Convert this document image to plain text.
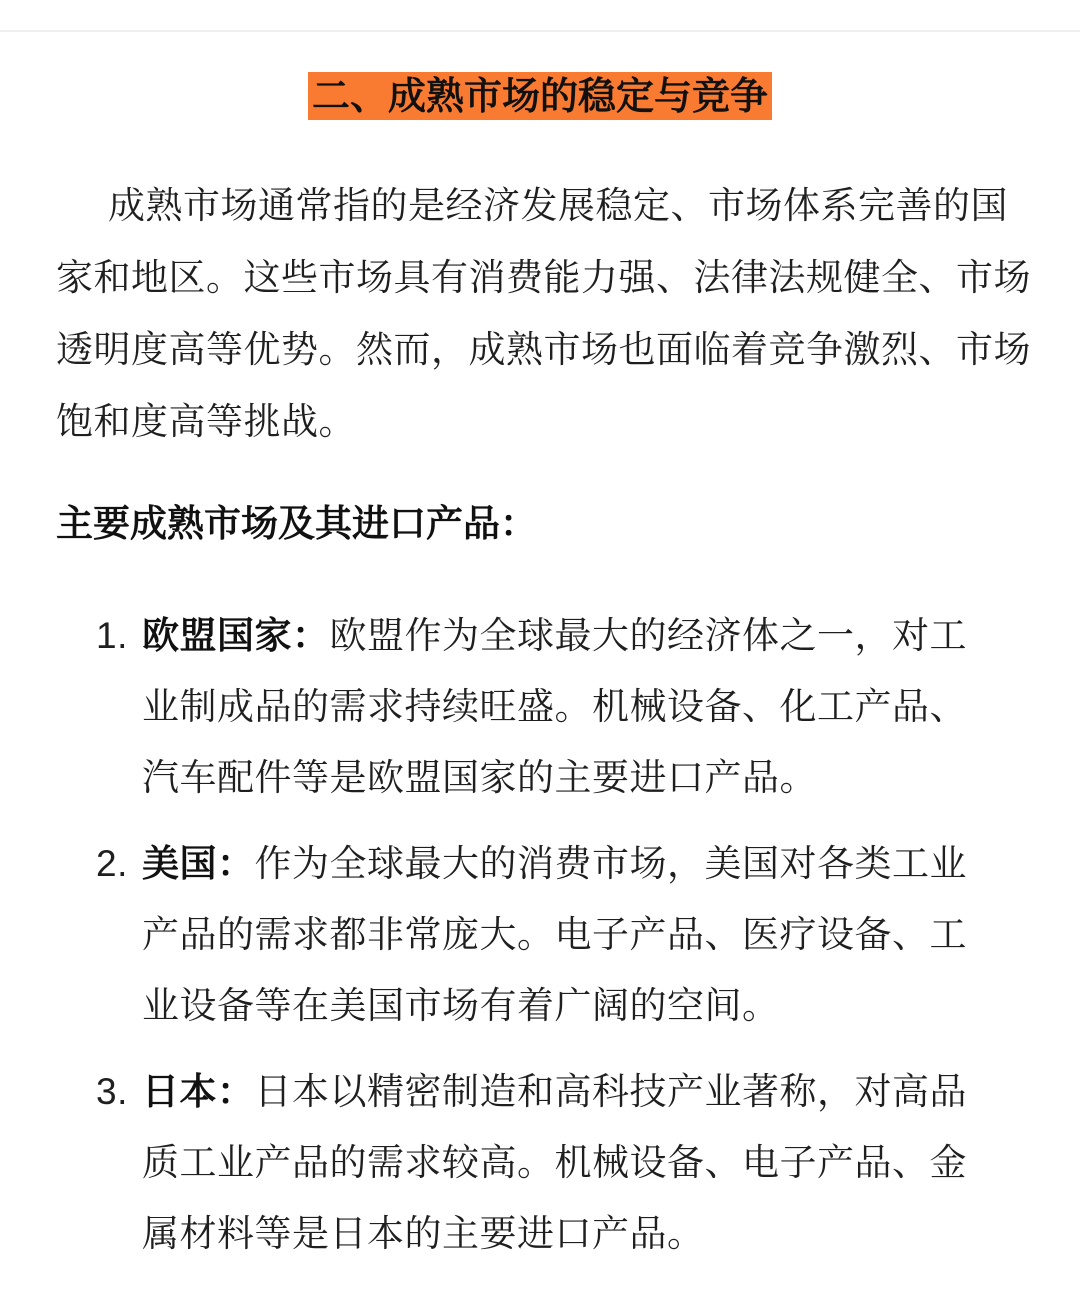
二、成熟市场的稳定与竞争

成熟市场通常指的是经济发展稳定、市场体系完善的国家和地区。这些市场具有消费能力强、法律法规健全、市场透明度高等优势。然而，成熟市场也面临着竞争激烈、市场饱和度高等挑战。

主要成熟市场及其进口产品：
1. 欧盟国家：欧盟作为全球最大的经济体之一，对工业制成品的需求持续旺盛。机械设备、化工产品、汽车配件等是欧盟国家的主要进口产品。
2. 美国：作为全球最大的消费市场，美国对各类工业产品的需求都非常庞大。电子产品、医疗设备、工业设备等在美国市场有着广阔的空间。
3. 日本：日本以精密制造和高科技产业著称，对高品质工业产品的需求较高。机械设备、电子产品、金属材料等是日本的主要进口产品。
